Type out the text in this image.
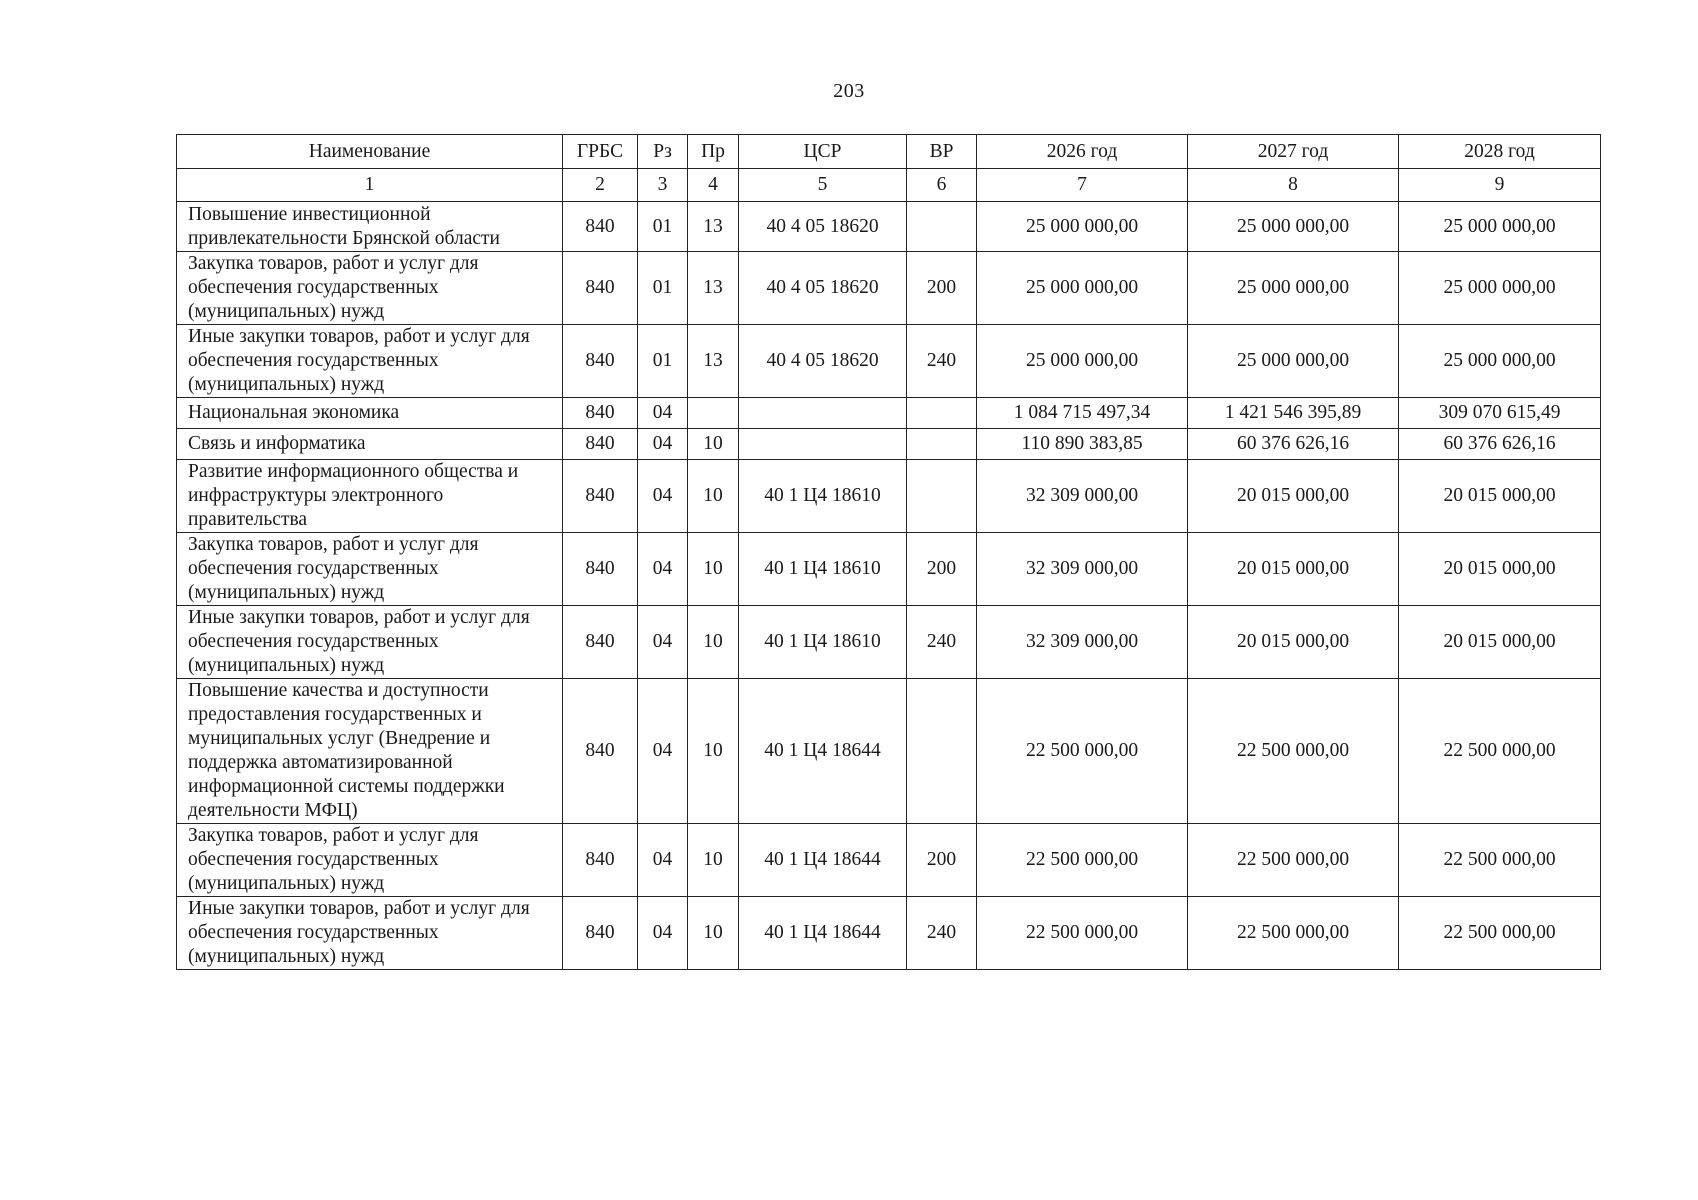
203
Наименование	ГРБС	Рз	Пр	ЦСР	ВР	2026 год	2027 год	2028 год
1	2	3	4	5	6	7	8	9
Повышение инвестиционной привлекательности Брянской области	840	01	13	40 4 05 18620		25 000 000,00	25 000 000,00	25 000 000,00
Закупка товаров, работ и услуг для обеспечения государственных (муниципальных) нужд	840	01	13	40 4 05 18620	200	25 000 000,00	25 000 000,00	25 000 000,00
Иные закупки товаров, работ и услуг для обеспечения государственных (муниципальных) нужд	840	01	13	40 4 05 18620	240	25 000 000,00	25 000 000,00	25 000 000,00
Национальная экономика	840	04				1 084 715 497,34	1 421 546 395,89	309 070 615,49
Связь и информатика	840	04	10			110 890 383,85	60 376 626,16	60 376 626,16
Развитие информационного общества и инфраструктуры электронного правительства	840	04	10	40 1 Ц4 18610		32 309 000,00	20 015 000,00	20 015 000,00
Закупка товаров, работ и услуг для обеспечения государственных (муниципальных) нужд	840	04	10	40 1 Ц4 18610	200	32 309 000,00	20 015 000,00	20 015 000,00
Иные закупки товаров, работ и услуг для обеспечения государственных (муниципальных) нужд	840	04	10	40 1 Ц4 18610	240	32 309 000,00	20 015 000,00	20 015 000,00
Повышение качества и доступности предоставления государственных и муниципальных услуг (Внедрение и поддержка автоматизированной информационной системы поддержки деятельности МФЦ)	840	04	10	40 1 Ц4 18644		22 500 000,00	22 500 000,00	22 500 000,00
Закупка товаров, работ и услуг для обеспечения государственных (муниципальных) нужд	840	04	10	40 1 Ц4 18644	200	22 500 000,00	22 500 000,00	22 500 000,00
Иные закупки товаров, работ и услуг для обеспечения государственных (муниципальных) нужд	840	04	10	40 1 Ц4 18644	240	22 500 000,00	22 500 000,00	22 500 000,00
